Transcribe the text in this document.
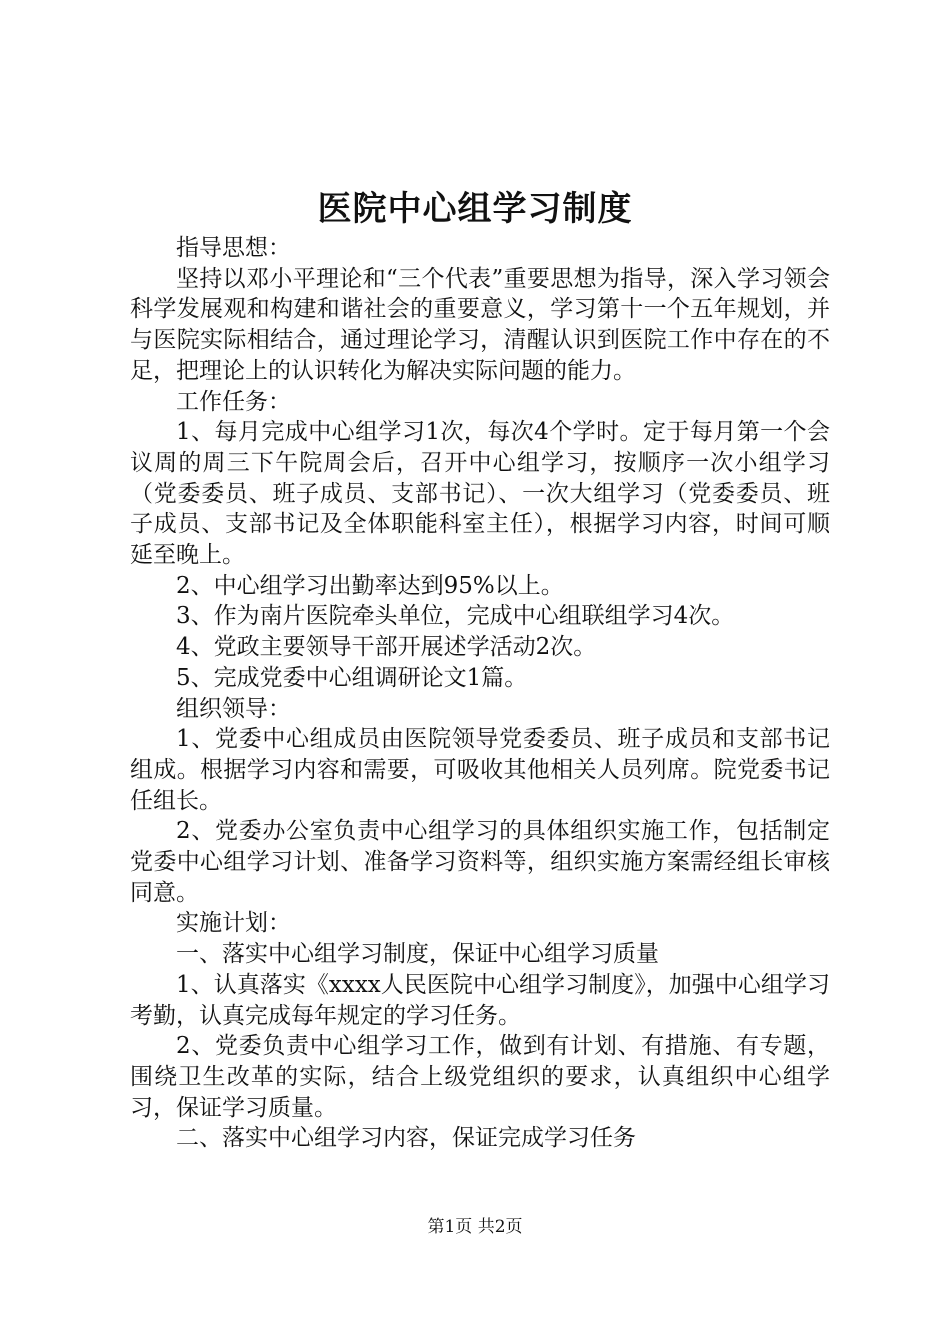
医院中心组学习制度

指导思想：

坚持以邓小平理论和“三个代表”重要思想为指导，深入学习领会科学发展观和构建和谐社会的重要意义，学习第十一个五年规划，并与医院实际相结合，通过理论学习，清醒认识到医院工作中存在的不足，把理论上的认识转化为解决实际问题的能力。

工作任务：

1、每月完成中心组学习1次，每次4个学时。定于每月第一个会议周的周三下午院周会后，召开中心组学习，按顺序一次小组学习（党委委员、班子成员、支部书记）、一次大组学习（党委委员、班子成员、支部书记及全体职能科室主任），根据学习内容，时间可顺延至晚上。

2、中心组学习出勤率达到95%以上。

3、作为南片医院牵头单位，完成中心组联组学习4次。

4、党政主要领导干部开展述学活动2次。

5、完成党委中心组调研论文1篇。

组织领导：

1、党委中心组成员由医院领导党委委员、班子成员和支部书记组成。根据学习内容和需要，可吸收其他相关人员列席。院党委书记任组长。

2、党委办公室负责中心组学习的具体组织实施工作，包括制定党委中心组学习计划、准备学习资料等，组织实施方案需经组长审核同意。

实施计划：

一、落实中心组学习制度，保证中心组学习质量

1、认真落实《xxxx人民医院中心组学习制度》，加强中心组学习考勤，认真完成每年规定的学习任务。

2、党委负责中心组学习工作，做到有计划、有措施、有专题，围绕卫生改革的实际，结合上级党组织的要求，认真组织中心组学习，保证学习质量。

二、落实中心组学习内容，保证完成学习任务

第1页 共2页
